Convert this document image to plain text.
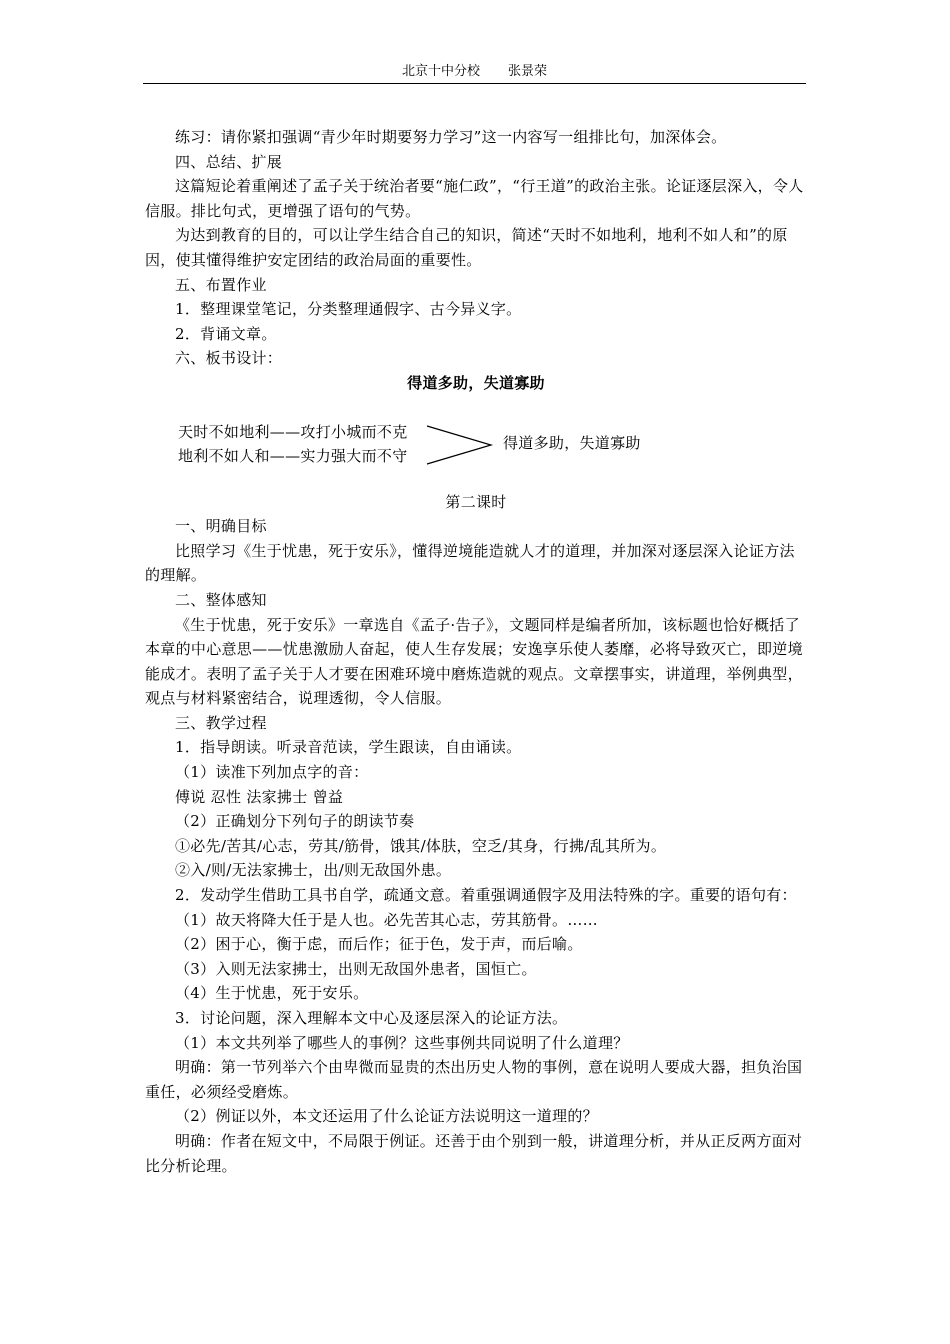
北京十中分校 张景荣

练习：请你紧扣强调“青少年时期要努力学习”这一内容写一组排比句，加深体会。

四、总结、扩展

这篇短论着重阐述了孟子关于统治者要“施仁政”，“行王道”的政治主张。论证逐层深入，令人信服。排比句式，更增强了语句的气势。

为达到教育的目的，可以让学生结合自己的知识，简述“天时不如地利，地利不如人和”的原因，使其懂得维护安定团结的政治局面的重要性。

五、布置作业

1．整理课堂笔记，分类整理通假字、古今异义字。

2．背诵文章。

六、板书设计：

得道多助，失道寡助

天时不如地利——攻打小城而不克
地利不如人和——实力强大而不守
得道多助，失道寡助

第二课时

一、明确目标

比照学习《生于忧患，死于安乐》，懂得逆境能造就人才的道理，并加深对逐层深入论证方法的理解。

二、整体感知

《生于忧患，死于安乐》一章选自《孟子·告子》，文题同样是编者所加，该标题也恰好概括了本章的中心意思——忧患激励人奋起，使人生存发展；安逸享乐使人萎靡，必将导致灭亡，即逆境能成才。表明了孟子关于人才要在困难环境中磨炼造就的观点。文章摆事实，讲道理，举例典型，观点与材料紧密结合，说理透彻，令人信服。

三、教学过程

1．指导朗读。听录音范读，学生跟读，自由诵读。

（1）读准下列加点字的音：

傅说 忍性 法家拂士 曾益

（2）正确划分下列句子的朗读节奏

①必先/苦其/心志，劳其/筋骨，饿其/体肤，空乏/其身，行拂/乱其所为。

②入/则/无法家拂士，出/则无敌国外患。

2．发动学生借助工具书自学，疏通文意。着重强调通假字及用法特殊的字。重要的语句有：

（1）故天将降大任于是人也。必先苦其心志，劳其筋骨。……

（2）困于心，衡于虑，而后作；征于色，发于声，而后喻。

（3）入则无法家拂士，出则无敌国外患者，国恒亡。

（4）生于忧患，死于安乐。

3．讨论问题，深入理解本文中心及逐层深入的论证方法。

（1）本文共列举了哪些人的事例？这些事例共同说明了什么道理？

明确：第一节列举六个由卑微而显贵的杰出历史人物的事例，意在说明人要成大器，担负治国重任，必须经受磨炼。

（2）例证以外，本文还运用了什么论证方法说明这一道理的？

明确：作者在短文中，不局限于例证。还善于由个别到一般，讲道理分析，并从正反两方面对比分析论理。
